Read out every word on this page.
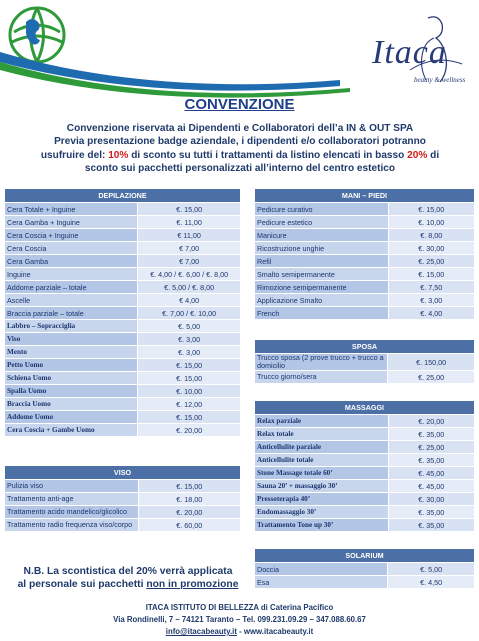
Itaca
beauty & wellness
CONVENZIONE
Convenzione riservata ai Dipendenti e Collaboratori dell’a IN & OUT SPA
Previa presentazione badge aziendale, i dipendenti e/o collaboratori potranno
usufruire del: 10% di sconto su tutti i trattamenti da listino elencati in basso 20% di
sconto sui pacchetti personalizzati all’interno del centro estetico
DEPILAZIONE	
Cera Totale + Inguine	€. 15,00
Cera Gamba + Inguine	€. 11,00
Cera Coscia + Inguine	€ 11,00
Cera Coscia	€ 7,00
Cera Gamba	€ 7,00
Inguine	€. 4,00 / €. 6,00 / €. 8,00
Addome parziale – totale	€. 5,00 / €. 8,00
Ascelle	€ 4,00
Braccia parziale – totale	€. 7,00 / €. 10,00
Labbro – Sopracciglia	€. 5,00
Viso	€. 3,00
Mento	€. 3,00
Petto Uomo	€. 15,00
Schiena Uomo	€. 15,00
Spalla Uomo	€. 10,00
Braccia Uomo	€. 12,00
Addome Uomo	€. 15,00
Cera Coscia + Gambe Uomo	€. 20,00
VISO	
Pulizia viso	€. 15,00
Trattamento anti-age	€. 18,00
Trattamento acido mandelico/glicolico	€. 20,00
Trattamento radio frequenza viso/corpo	€. 60,00
MANI – PIEDI	
Pedicure curativo	€. 15,00
Pedicure estetico	€. 10,00
Manicure	€. 8,00
Ricostruzione unghie	€. 30,00
Refil	€. 25,00
Smalto semipermanente	€. 15,00
Rimozione semipermanente	€. 7,50
Applicazione Smalto	€. 3,00
French	€. 4,00
SPOSA	
Trucco sposa (2 prove trucco + trucco a domicilio	€. 150,00
Trucco giorno/sera	€. 25,00
MASSAGGI	
Relax parziale	€. 20,00
Relax totale	€. 35,00
Anticellulite parziale	€. 25,00
Anticellulite totale	€. 35,00
Stone Massage totale 60’	€. 45,00
Sauna 20’ + massaggio 30’	€. 45,00
Pressoterapia 40’	€. 30,00
Endomassaggio 30’	€. 35,00
Trattamento Tone up 30’	€. 35,00
SOLARIUM	
Doccia	€. 5,00
Esa	€. 4,50
N.B. La scontistica del 20% verrà applicata
al personale sui pacchetti non in promozione
ITACA ISTITUTO DI BELLEZZA di Caterina Pacifico
Via Rondinelli, 7 – 74121 Taranto – Tel. 099.231.09.29 – 347.088.60.67
info@itacabeauty.it - www.itacabeauty.it
